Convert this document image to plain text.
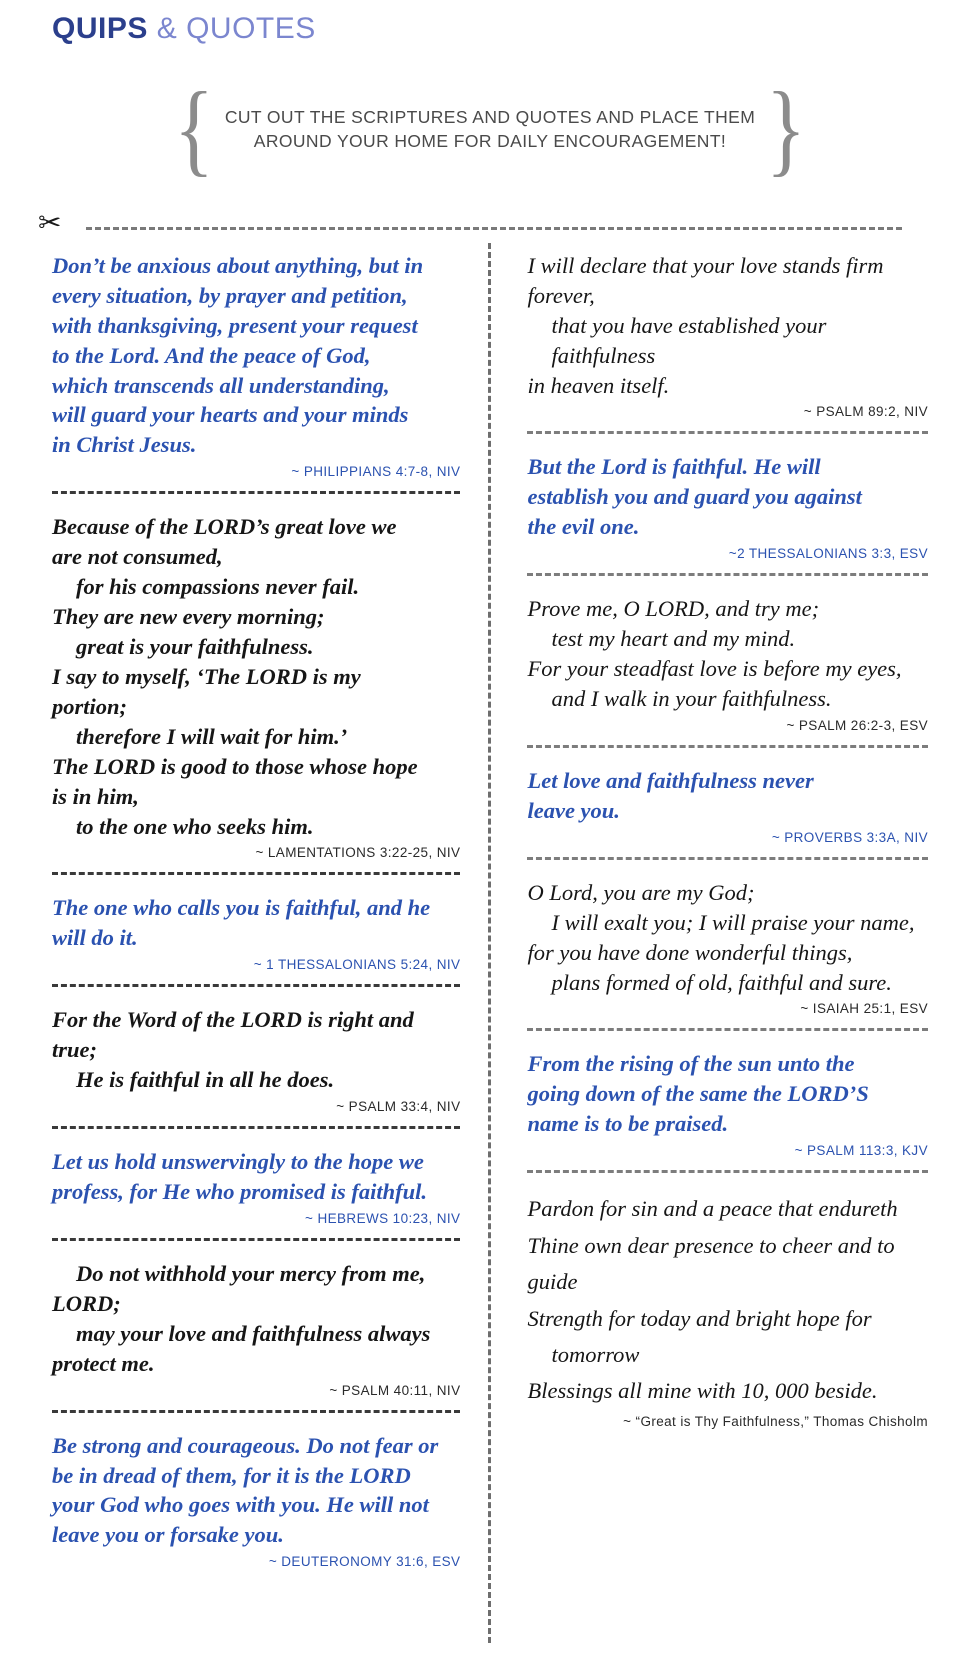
QUIPS & QUOTES
{ CUT OUT THE SCRIPTURES AND QUOTES AND PLACE THEM
AROUND YOUR HOME FOR DAILY ENCOURAGEMENT! }
✂
Don’t be anxious about anything, but in
every situation, by prayer and petition,
with thanksgiving, present your request
to the Lord. And the peace of God,
which transcends all understanding,
will guard your hearts and your minds
in Christ Jesus.
~ PHILIPPIANS 4:7-8, NIV
Because of the LORD’s great love we
are not consumed,
for his compassions never fail.
They are new every morning;
great is your faithfulness.
I say to myself, ‘The LORD is my
portion;
therefore I will wait for him.’
The LORD is good to those whose hope
is in him,
to the one who seeks him.
~ LAMENTATIONS 3:22-25, NIV
The one who calls you is faithful, and he
will do it.
~ 1 THESSALONIANS 5:24, NIV
For the Word of the LORD is right and true;
He is faithful in all he does.
~ PSALM 33:4, NIV
Let us hold unswervingly to the hope we
profess, for He who promised is faithful.
~ HEBREWS 10:23, NIV
Do not withhold your mercy from me,
LORD;
may your love and faithfulness always
protect me.
~ PSALM 40:11, NIV
Be strong and courageous. Do not fear or
be in dread of them, for it is the LORD
your God who goes with you. He will not
leave you or forsake you.
~ DEUTERONOMY 31:6, ESV
I will declare that your love stands firm forever,
that you have established your faithfulness
in heaven itself.
~ PSALM 89:2, NIV
But the Lord is faithful. He will
establish you and guard you against
the evil one.
~2 THESSALONIANS 3:3, ESV
Prove me, O LORD, and try me;
test my heart and my mind.
For your steadfast love is before my eyes,
and I walk in your faithfulness.
~ PSALM 26:2-3, ESV
Let love and faithfulness never
leave you.
~ PROVERBS 3:3A, NIV
O Lord, you are my God;
I will exalt you; I will praise your name,
for you have done wonderful things,
plans formed of old, faithful and sure.
~ ISAIAH 25:1, ESV
From the rising of the sun unto the
going down of the same the LORD’S
name is to be praised.
~ PSALM 113:3, KJV
Pardon for sin and a peace that endureth
Thine own dear presence to cheer and to guide
Strength for today and bright hope for
tomorrow
Blessings all mine with 10, 000 beside.
~ “Great is Thy Faithfulness,” Thomas Chisholm
